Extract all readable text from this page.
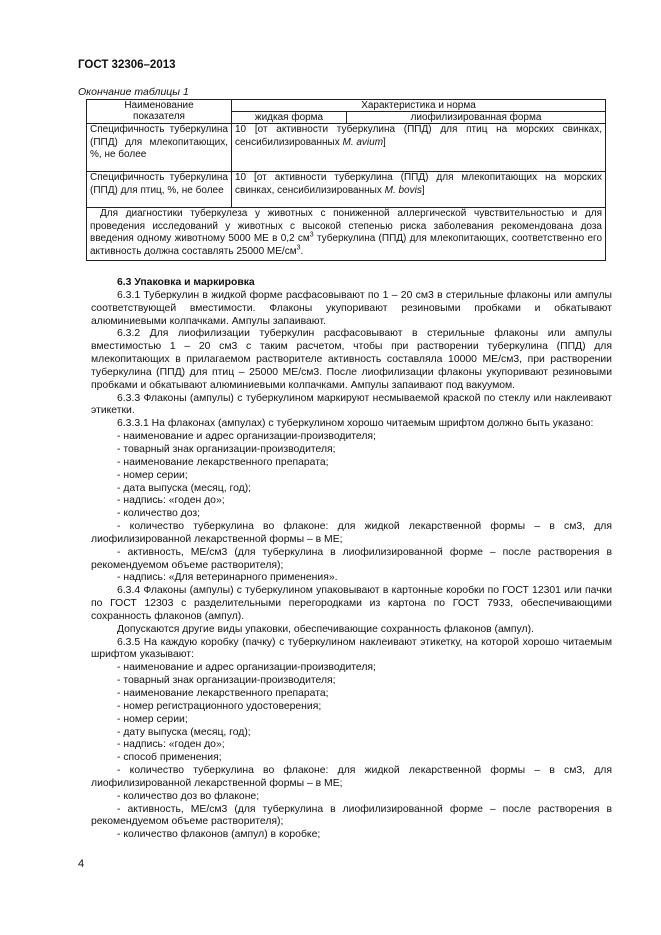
ГОСТ 32306–2013
Окончание таблицы 1
Наименование
показателя	Характеристика и норма	
	жидкая форма	лиофилизированная форма
Специфичность туберкулина (ППД) для млекопитающих, %, не более	10 [от активности туберкулина (ППД) для птиц на морских свинках, сенсибилизированных M. avium]	
Специфичность туберкулина (ППД) для птиц, %, не более	10 [от активности туберкулина (ППД) для млекопитающих на морских свинках, сенсибилизированных M. bovis]	
Для диагностики туберкулеза у животных с пониженной аллергической чувствительностью и для проведения исследований у животных с высокой степенью риска заболевания рекомендована доза введения одному животному 5000 МЕ в 0,2 $см^3$ туберкулина (ППД) для млекопитающих, соответственно его активность должна составлять 25000 $МЕ/см^3$.		

6.3 Упаковка и маркировка

6.3.1 Туберкулин в жидкой форме расфасовывают по 1 – 20 см3 в стерильные флаконы или ампулы соответствующей вместимости. Флаконы укупоривают резиновыми пробками и обкатывают алюминиевыми колпачками. Ампулы запаивают.

6.3.2 Для лиофилизации туберкулин расфасовывают в стерильные флаконы или ампулы вместимостью 1 – 20 см3 с таким расчетом, чтобы при растворении туберкулина (ППД) для млекопитающих в прилагаемом растворителе активность составляла 10000 МЕ/см3, при растворении туберкулина (ППД) для птиц – 25000 МЕ/см3. После лиофилизации флаконы укупоривают резиновыми пробками и обкатывают алюминиевыми колпачками. Ампулы запаивают под вакуумом.

6.3.3 Флаконы (ампулы) с туберкулином маркируют несмываемой краской по стеклу или наклеивают этикетки.

6.3.3.1 На флаконах (ампулах) с туберкулином хорошо читаемым шрифтом должно быть указано:

- наименование и адрес организации-производителя;

- товарный знак организации-производителя;

- наименование лекарственного препарата;

- номер серии;

- дата выпуска (месяц, год);

- надпись: «годен до»;

- количество доз;

- количество туберкулина во флаконе: для жидкой лекарственной формы – в см3, для лиофилизированной лекарственной формы – в МЕ;

- активность, МЕ/см3 (для туберкулина в лиофилизированной форме – после растворения в рекомендуемом объеме растворителя);

- надпись: «Для ветеринарного применения».

6.3.4 Флаконы (ампулы) с туберкулином упаковывают в картонные коробки по ГОСТ 12301 или пачки по ГОСТ 12303 с разделительными перегородками из картона по ГОСТ 7933, обеспечивающими сохранность флаконов (ампул).

Допускаются другие виды упаковки, обеспечивающие сохранность флаконов (ампул).

6.3.5 На каждую коробку (пачку) с туберкулином наклеивают этикетку, на которой хорошо читаемым шрифтом указывают:

- наименование и адрес организации-производителя;

- товарный знак организации-производителя;

- наименование лекарственного препарата;

- номер регистрационного удостоверения;

- номер серии;

- дату выпуска (месяц, год);

- надпись: «годен до»;

- способ применения;

- количество туберкулина во флаконе: для жидкой лекарственной формы – в см3, для лиофилизированной лекарственной формы – в МЕ;

- количество доз во флаконе;

- активность, МЕ/см3 (для туберкулина в лиофилизированной форме – после растворения в рекомендуемом объеме растворителя);

- количество флаконов (ампул) в коробке;

4
